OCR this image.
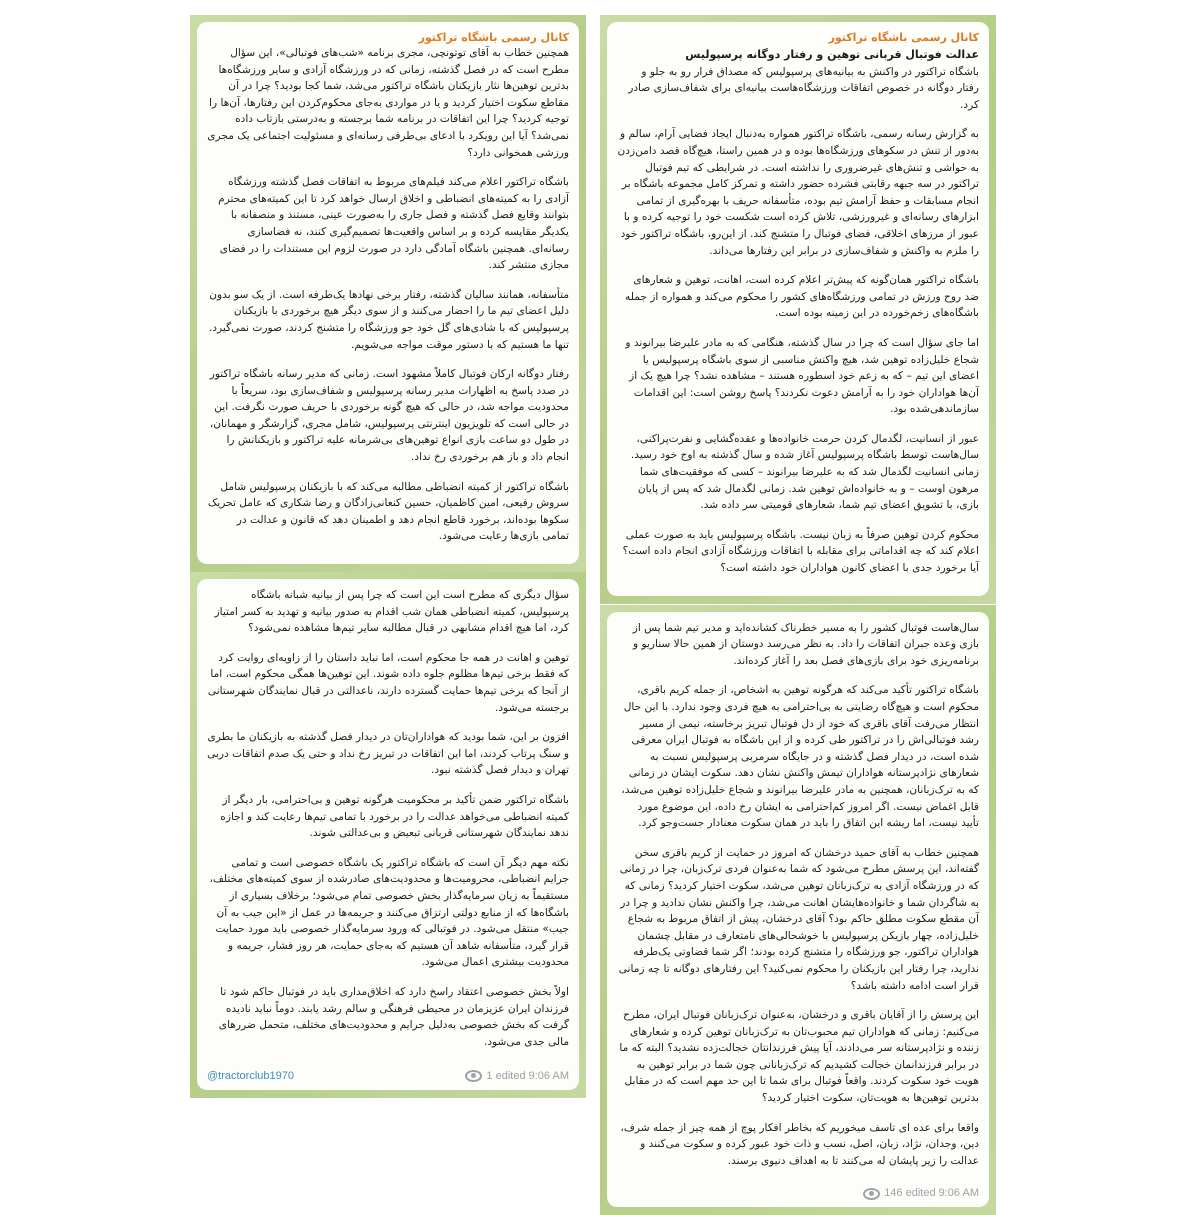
کانال رسمی باشگاه تراکتور

همچنین خطاب به آقای توتونچی، مجری برنامه «شب‌های فوتبالی»، این سؤال مطرح است که در فصل گذشته، زمانی که در ورزشگاه آزادی و سایر ورزشگاه‌ها بدترین توهین‌ها نثار بازیکنان باشگاه تراکتور می‌شد، شما کجا بودید؟ چرا در آن مقاطع سکوت اختیار کردید و یا در مواردی به‌جای محکوم‌کردن این رفتارها، آن‌ها را توجیه کردید؟ چرا این اتفاقات در برنامه شما برجسته و به‌درستی بازتاب داده نمی‌شد؟ آیا این رویکرد با ادعای بی‌طرفی رسانه‌ای و مسئولیت اجتماعی یک مجری ورزشی همخوانی دارد؟

باشگاه تراکتور اعلام می‌کند فیلم‌های مربوط به اتفاقات فصل گذشته ورزشگاه آزادی را به کمیته‌های انضباطی و اخلاق ارسال خواهد کرد تا این کمیته‌های محترم بتوانند وقایع فصل گذشته و فصل جاری را به‌صورت عینی، مستند و منصفانه با یکدیگر مقایسه کرده و بر اساس واقعیت‌ها تصمیم‌گیری کنند، نه فضاسازی رسانه‌ای. همچنین باشگاه آمادگی دارد در صورت لزوم این مستندات را در فضای مجازی منتشر کند.

متأسفانه، همانند سالیان گذشته، رفتار برخی نهادها یک‌طرفه است. از یک سو بدون دلیل اعضای تیم ما را احضار می‌کنند و از سوی دیگر هیچ برخوردی با بازیکنان پرسپولیس که با شادی‌های گل خود جو ورزشگاه را متشنج کردند، صورت نمی‌گیرد. تنها ما هستیم که با دستور موقت مواجه می‌شویم.

رفتار دوگانه ارکان فوتبال کاملاً مشهود است. زمانی که مدیر رسانه باشگاه تراکتور در صدد پاسخ به اظهارات مدیر رسانه پرسپولیس و شفاف‌سازی بود، سریعاً با محدودیت مواجه شد، در حالی که هیچ گونه برخوردی با حریف صورت نگرفت. این در حالی است که تلویزیون اینترنتی پرسپولیس، شامل مجری، گزارشگر و مهمانان، در طول دو ساعت بازی انواع توهین‌های بی‌شرمانه علیه تراکتور و بازیکنانش را انجام داد و باز هم برخوردی رخ نداد.

باشگاه تراکتور از کمیته انضباطی مطالبه می‌کند که با بازیکنان پرسپولیس شامل سروش رفیعی، امین کاظمیان، حسین کنعانی‌زادگان و رضا شکاری که عامل تحریک سکوها بوده‌اند، برخورد قاطع انجام دهد و اطمینان دهد که قانون و عدالت در تمامی بازی‌ها رعایت می‌شود.

سؤال دیگری که مطرح است این است که چرا پس از بیانیه شبانه باشگاه پرسپولیس، کمیته انضباطی همان شب اقدام به صدور بیانیه و تهدید به کسر امتیاز کرد، اما هیچ اقدام مشابهی در قبال مطالبه سایر تیم‌ها مشاهده نمی‌شود؟

توهین و اهانت در همه جا محکوم است، اما نباید داستان را از زاویه‌ای روایت کرد که فقط برخی تیم‌ها مظلوم جلوه داده شوند. این توهین‌ها همگی محکوم است، اما از آنجا که برخی تیم‌ها حمایت گسترده دارند، ناعدالتی در قبال نمایندگان شهرستانی برجسته می‌شود.

افزون بر این، شما بودید که هواداران‌تان در دیدار فصل گذشته به بازیکنان ما بطری و سنگ پرتاب کردند، اما این اتفاقات در تبریز رخ نداد و حتی یک صدم اتفاقات دربی تهران و دیدار فصل گذشته نبود.

باشگاه تراکتور ضمن تأکید بر محکومیت هرگونه توهین و بی‌احترامی، بار دیگر از کمیته انضباطی می‌خواهد عدالت را در برخورد با تمامی تیم‌ها رعایت کند و اجازه ندهد نمایندگان شهرستانی قربانی تبعیض و بی‌عدالتی شوند.

نکته مهم دیگر آن است که باشگاه تراکتور یک باشگاه خصوصی است و تمامی جرایم انضباطی، محرومیت‌ها و محدودیت‌های صادرشده از سوی کمیته‌های مختلف، مستقیماً به زیان سرمایه‌گذار بخش خصوصی تمام می‌شود؛ برخلاف بسیاری از باشگاه‌ها که از منابع دولتی ارتزاق می‌کنند و جریمه‌ها در عمل از «این جیب به آن جیب» منتقل می‌شود. در فوتبالی که ورود سرمایه‌گذار خصوصی باید مورد حمایت قرار گیرد، متأسفانه شاهد آن هستیم که به‌جای حمایت، هر روز فشار، جریمه و محدودیت بیشتری اعمال می‌شود.

اولاً بخش خصوصی اعتقاد راسخ دارد که اخلاق‌مداری باید در فوتبال حاکم شود تا فرزندان ایران عزیزمان در محیطی فرهنگی و سالم رشد یابند. دوماً نباید نادیده گرفت که بخش خصوصی به‌دلیل جرایم و محدودیت‌های مختلف، متحمل ضررهای مالی جدی می‌شود.

@tractorclub1970	1 edited 9:06 AM
کانال رسمی باشگاه تراکتور
عدالت فوتبال قربانی توهین و رفتار دوگانه پرسپولیس

باشگاه تراکتور در واکنش به بیانیه‌های پرسپولیس که مصداق فرار رو به جلو و رفتار دوگانه در خصوص اتفاقات ورزشگاه‌هاست بیانیه‌ای برای شفاف‌سازی صادر کرد.

به گزارش رسانه رسمی، باشگاه تراکتور همواره به‌دنبال ایجاد فضایی آرام، سالم و به‌دور از تنش در سکوهای ورزشگاه‌ها بوده و در همین راستا، هیچ‌گاه قصد دامن‌زدن به حواشی و تنش‌های غیرضروری را نداشته است. در شرایطی که تیم فوتبال تراکتور در سه جبهه رقابتی فشرده حضور داشته و تمرکز کامل مجموعه باشگاه بر انجام مسابقات و حفظ آرامش تیم بوده، متأسفانه حریف با بهره‌گیری از تمامی ابزارهای رسانه‌ای و غیرورزشی، تلاش کرده است شکست خود را توجیه کرده و با عبور از مرزهای اخلاقی، فضای فوتبال را متشنج کند. از این‌رو، باشگاه تراکتور خود را ملزم به واکنش و شفاف‌سازی در برابر این رفتارها می‌داند.

باشگاه تراکتور همان‌گونه که پیش‌تر اعلام کرده است، اهانت، توهین و شعارهای ضد روح ورزش در تمامی ورزشگاه‌های کشور را محکوم می‌کند و همواره از جمله باشگاه‌های زخم‌خورده در این زمینه بوده است.

اما جای سؤال است که چرا در سال گذشته، هنگامی که به مادر علیرضا بیرانوند و شجاع خلیل‌زاده توهین شد، هیچ واکنش مناسبی از سوی باشگاه پرسپولیس یا اعضای این تیم – که به زعم خود اسطوره هستند – مشاهده نشد؟ چرا هیچ یک از آن‌ها هواداران خود را به آرامش دعوت نکردند؟ پاسخ روشن است: این اقدامات سازماندهی‌شده بود.

عبور از انسانیت، لگدمال کردن حرمت خانواده‌ها و عقده‌گشایی و نفرت‌پراکنی، سال‌هاست توسط باشگاه پرسپولیس آغاز شده و سال گذشته به اوج خود رسید. زمانی انسانیت لگدمال شد که به علیرضا بیرانوند – کسی که موفقیت‌های شما مرهون اوست – و به خانواده‌اش توهین شد. زمانی لگدمال شد که پس از پایان بازی، با تشویق اعضای تیم شما، شعارهای قومیتی سر داده شد.

محکوم کردن توهین صرفاً به زبان نیست. باشگاه پرسپولیس باید به صورت عملی اعلام کند که چه اقداماتی برای مقابله با اتفاقات ورزشگاه آزادی انجام داده است؟ آیا برخورد جدی با اعضای کانون هواداران خود داشته است؟

سال‌هاست فوتبال کشور را به مسیر خطرناک کشانده‌اید و مدیر تیم شما پس از بازی وعده جبران اتفاقات را داد. به نظر می‌رسد دوستان از همین حالا سناریو و برنامه‌ریزی خود برای بازی‌های فصل بعد را آغاز کرده‌اند.

باشگاه تراکتور تأکید می‌کند که هرگونه توهین به اشخاص، از جمله کریم باقری، محکوم است و هیچ‌گاه رضایتی به بی‌احترامی به هیچ فردی وجود ندارد. با این حال انتظار می‌رفت آقای باقری که خود از دل فوتبال تبریز برخاسته، نیمی از مسیر رشد فوتبالی‌اش را در تراکتور طی کرده و از این باشگاه به فوتبال ایران معرفی شده است، در دیدار فصل گذشته و در جایگاه سرمربی پرسپولیس نسبت به شعارهای نژادپرستانه هواداران تیمش واکنش نشان دهد. سکوت ایشان در زمانی که به ترک‌زبانان، همچنین به مادر علیرضا بیرانوند و شجاع خلیل‌زاده توهین می‌شد، قابل اغماض نیست. اگر امروز کم‌احترامی به ایشان رخ داده، این موضوع مورد تأیید نیست، اما ریشه این اتفاق را باید در همان سکوت معنادار جست‌وجو کرد.

همچنین خطاب به آقای حمید درخشان که امروز در حمایت از کریم باقری سخن گفته‌اند، این پرسش مطرح می‌شود که شما به‌عنوان فردی ترک‌زبان، چرا در زمانی که در ورزشگاه آزادی به ترک‌زبانان توهین می‌شد، سکوت اختیار کردید؟ زمانی که به شاگردان شما و خانواده‌هایشان اهانت می‌شد، چرا واکنش نشان ندادید و چرا در آن مقطع سکوت مطلق حاکم بود؟ آقای درخشان، پیش از اتفاق مربوط به شجاع خلیل‌زاده، چهار بازیکن پرسپولیس با خوشحالی‌های نامتعارف در مقابل چشمان هواداران تراکتور، جو ورزشگاه را متشنج کرده بودند؛ اگر شما قضاوتی یک‌طرفه ندارید، چرا رفتار این بازیکنان را محکوم نمی‌کنید؟ این رفتارهای دوگانه تا چه زمانی قرار است ادامه داشته باشد؟

این پرسش را از آقایان باقری و درخشان، به‌عنوان ترک‌زبانان فوتبال ایران، مطرح می‌کنیم: زمانی که هواداران تیم محبوب‌تان به ترک‌زبانان توهین کرده و شعارهای زننده و نژادپرستانه سر می‌دادند، آیا پیش فرزندانتان خجالت‌زده نشدید؟ البته که ما در برابر فرزندانمان خجالت کشیدیم که ترک‌زبانانی چون شما در برابر توهین به هویت خود سکوت کردند. واقعاً فوتبال برای شما تا این حد مهم است که در مقابل بدترین توهین‌ها به هویت‌تان، سکوت اختیار کردید؟

واقعا برای عده ای تاسف میخوریم که بخاطر افکار پوچ از همه چیز از جمله شرف، دین، وجدان، نژاد، زبان، اصل، نسب و ذات خود عبور کرده و سکوت می‌کنند و عدالت را زیر پایشان له می‌کنند تا به اهداف دنیوی برسند.

146 edited 9:06 AM
